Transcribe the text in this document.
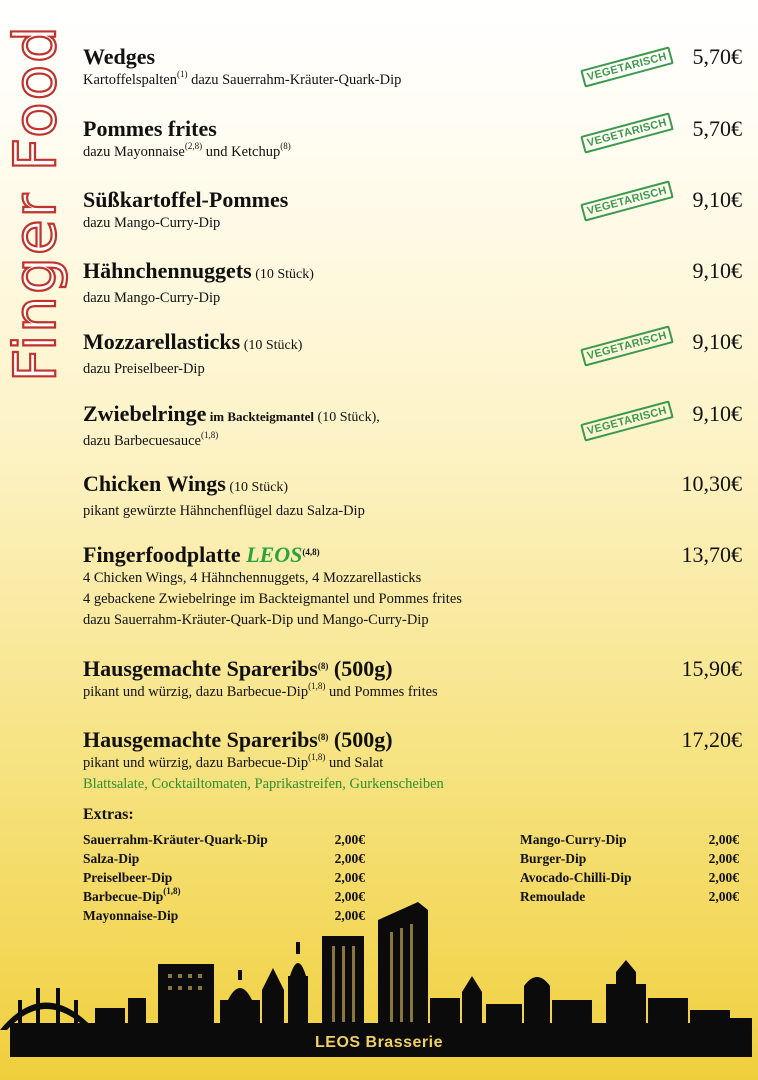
Finger Food Wedges
Kartoffelspalten$^{(1)}$ dazu Sauerrahm-Kräuter-Quark-Dip	VEGETARISCH 5,70€
Pommes frites
dazu Mayonnaise$^{(2,8)}$ und Ketchup$^{(8)}$	VEGETARISCH 5,70€
Süßkartoffel-Pommes
dazu Mango-Curry-Dip
VEGETARISCH 9,10€
Hähnchennuggets (10 Stück)
dazu Mango-Curry-Dip
9,10€
Mozzarellasticks (10 Stück)
dazu Preiselbeer-Dip
VEGETARISCH 9,10€
Zwiebelringe im Backteigmantel (10 Stück),
dazu Barbecuesauce$^{(1,8)}$	VEGETARISCH 9,10€
Chicken Wings (10 Stück)
pikant gewürzte Hähnchenflügel dazu Salza-Dip
10,30€
Fingerfoodplatte LEOS$^{(4,8)}$
4 Chicken Wings, 4 Hähnchennuggets, 4 Mozzarellasticks
4 gebackene Zwiebelringe im Backteigmantel und Pommes frites
dazu Sauerrahm-Kräuter-Quark-Dip und Mango-Curry-Dip
13,70€
Hausgemachte Spareribs$^{(8)}$ (500g)
pikant und würzig, dazu Barbecue-Dip$^{(1,8)}$ und Pommes frites
15,90€
Hausgemachte Spareribs$^{(8)}$ (500g)
pikant und würzig, dazu Barbecue-Dip$^{(1,8)}$ und Salat
Blattsalate, Cocktailtomaten, Paprikastreifen, Gurkenscheiben
17,20€
Extras:
Sauerrahm-Kräuter-Quark-Dip	2,00€
Salza-Dip	2,00€
Preiselbeer-Dip	2,00€
Barbecue-Dip$^{(1,8)}$	2,00€
Mayonnaise-Dip	2,00€
Mango-Curry-Dip	2,00€
Burger-Dip	2,00€
Avocado-Chilli-Dip	2,00€
Remoulade	2,00€
LEOS Brasserie
